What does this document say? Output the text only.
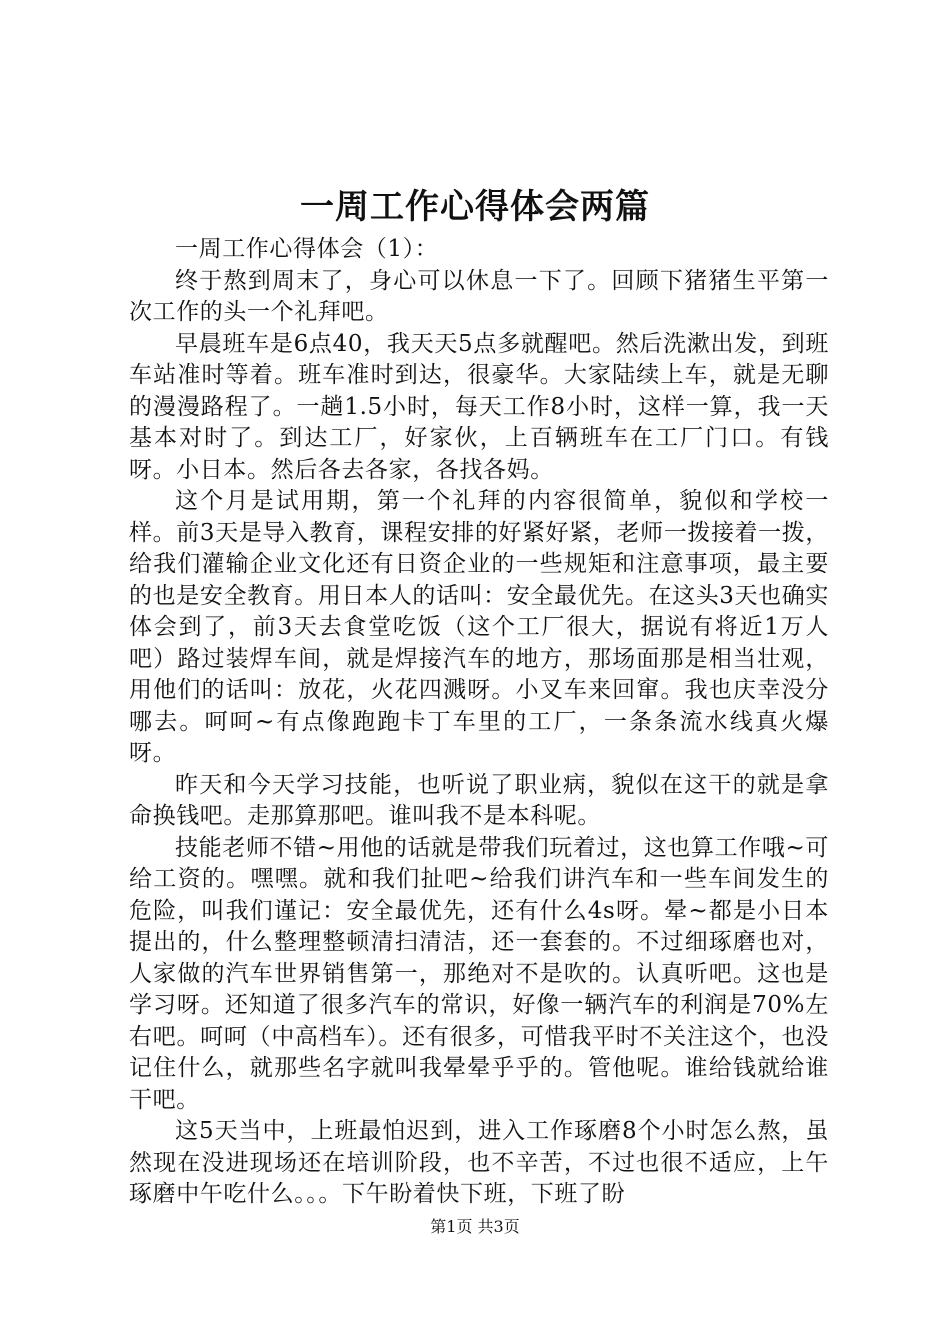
一周工作心得体会两篇

一周工作心得体会（1）：

终于熬到周末了，身心可以休息一下了。回顾下猪猪生平第一次工作的头一个礼拜吧。

早晨班车是6点40，我天天5点多就醒吧。然后洗漱出发，到班车站准时等着。班车准时到达，很豪华。大家陆续上车，就是无聊的漫漫路程了。一趟1.5小时，每天工作8小时，这样一算，我一天基本对时了。到达工厂，好家伙，上百辆班车在工厂门口。有钱呀。小日本。然后各去各家，各找各妈。

这个月是试用期，第一个礼拜的内容很简单，貌似和学校一样。前3天是导入教育，课程安排的好紧好紧，老师一拨接着一拨，给我们灌输企业文化还有日资企业的一些规矩和注意事项，最主要的也是安全教育。用日本人的话叫：安全最优先。在这头3天也确实体会到了，前3天去食堂吃饭（这个工厂很大，据说有将近1万人吧）路过装焊车间，就是焊接汽车的地方，那场面那是相当壮观，用他们的话叫：放花，火花四溅呀。小叉车来回窜。我也庆幸没分哪去。呵呵~有点像跑跑卡丁车里的工厂，一条条流水线真火爆呀。

昨天和今天学习技能，也听说了职业病，貌似在这干的就是拿命换钱吧。走那算那吧。谁叫我不是本科呢。

技能老师不错~用他的话就是带我们玩着过，这也算工作哦~可给工资的。嘿嘿。就和我们扯吧~给我们讲汽车和一些车间发生的危险，叫我们谨记：安全最优先，还有什么4s呀。晕~都是小日本提出的，什么整理整顿清扫清洁，还一套套的。不过细琢磨也对，人家做的汽车世界销售第一，那绝对不是吹的。认真听吧。这也是学习呀。还知道了很多汽车的常识，好像一辆汽车的利润是70%左右吧。呵呵（中高档车）。还有很多，可惜我平时不关注这个，也没记住什么，就那些名字就叫我晕晕乎乎的。管他呢。谁给钱就给谁干吧。

这5天当中，上班最怕迟到，进入工作琢磨8个小时怎么熬，虽然现在没进现场还在培训阶段，也不辛苦，不过也很不适应，上午琢磨中午吃什么。。。下午盼着快下班，下班了盼

第1页 共3页
